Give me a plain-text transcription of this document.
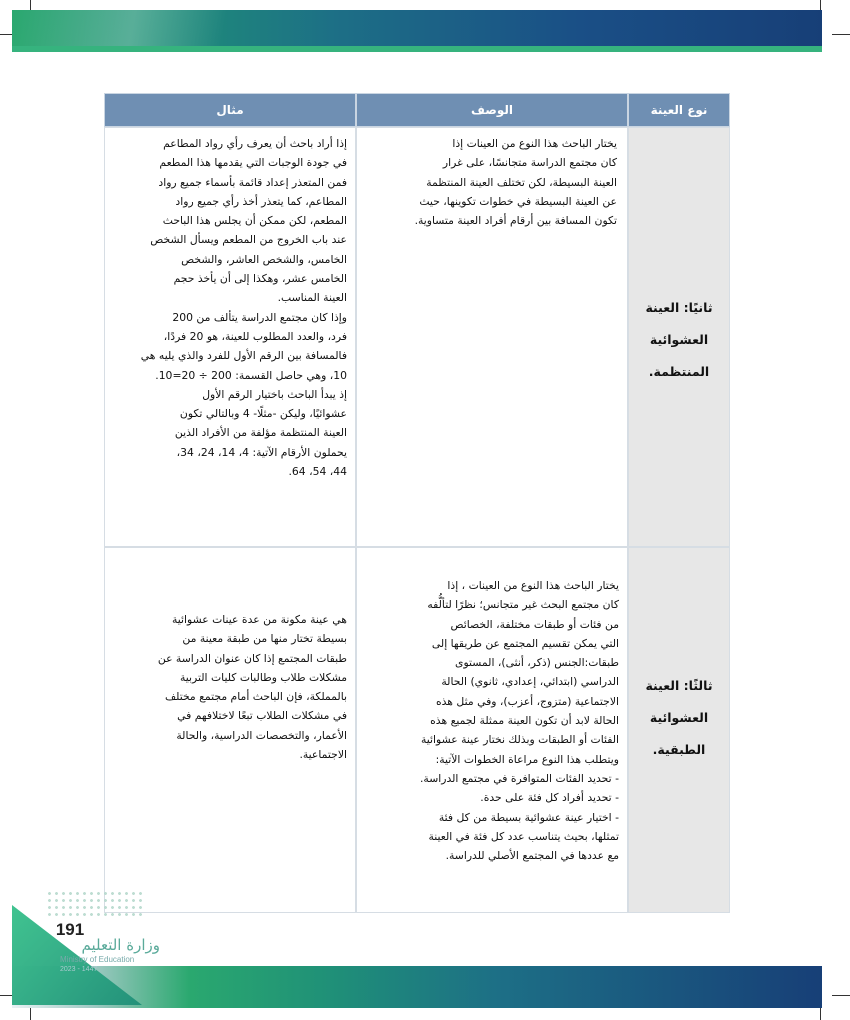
نوع العينة
الوصف
مثال
ثانيًا: العينة
العشوائية
المنتظمة.
يختار الباحث هذا النوع من العينات إذا
كان مجتمع الدراسة متجانسًا، على غرار
العينة البسيطة، لكن تختلف العينة المنتظمة
عن العينة البسيطة في خطوات تكوينها، حيث
تكون المسافة بين أرقام أفراد العينة متساوية.
إذا أراد باحث أن يعرف رأي رواد المطاعم
في جودة الوجبات التي يقدمها هذا المطعم
فمن المتعذر إعداد قائمة بأسماء جميع رواد
المطاعم، كما يتعذر أخذ رأي جميع رواد
المطعم، لكن ممكن أن يجلس هذا الباحث
عند باب الخروج من المطعم ويسأل الشخص
الخامس، والشخص العاشر، والشخص
الخامس عشر، وهكذا إلى أن يأخذ حجم
العينة المناسب.
وإذا كان مجتمع الدراسة يتألف من 200
فرد، والعدد المطلوب للعينة، هو 20 فردًا،
فالمسافة بين الرقم الأول للفرد والذي يليه هي
10، وهي حاصل القسمة: 200 ÷ 20=10.
إذ يبدأ الباحث باختيار الرقم الأول
عشوائيًا، وليكن -مثلًا- 4 وبالتالي تكون
العينة المنتظمة مؤلفة من الأفراد الذين
يحملون الأرقام الآتية: 4، 14، 24، 34،
44، 54، 64.
ثالثًا: العينة
العشوائية
الطبقية.
يختار الباحث هذا النوع من العينات ، إذا
كان مجتمع البحث غير متجانس؛ نظرًا لتألُّفه
من فئات أو طبقات مختلفة، الخصائص
التي يمكن تقسيم المجتمع عن طريقها إلى
طبقات:الجنس (ذكر، أنثى)، المستوى
الدراسي (ابتدائي، إعدادي، ثانوي) الحالة
الاجتماعية (متزوج، أعزب)، وفي مثل هذه
الحالة لابد أن تكون العينة ممثلة لجميع هذه
الفئات أو الطبقات وبذلك نختار عينة عشوائية
ويتطلب هذا النوع مراعاة الخطوات الآتية:
- تحديد الفئات المتوافرة في مجتمع الدراسة.
- تحديد أفراد كل فئة على حدة.
- اختيار عينة عشوائية بسيطة من كل فئة
تمثلها، بحيث يتناسب عدد كل فئة في العينة
مع عددها في المجتمع الأصلي للدراسة.
هي عينة مكونة من عدة عينات عشوائية
بسيطة تختار منها من طبقة معينة من
طبقات المجتمع إذا كان عنوان الدراسة عن
مشكلات طلاب وطالبات كليات التربية
بالمملكة، فإن الباحث أمام مجتمع مختلف
في مشكلات الطلاب تبعًا لاختلافهم في
الأعمار، والتخصصات الدراسية، والحالة
الاجتماعية.
191
وزارة التعليم
Ministry of Education
2023 - 1447
